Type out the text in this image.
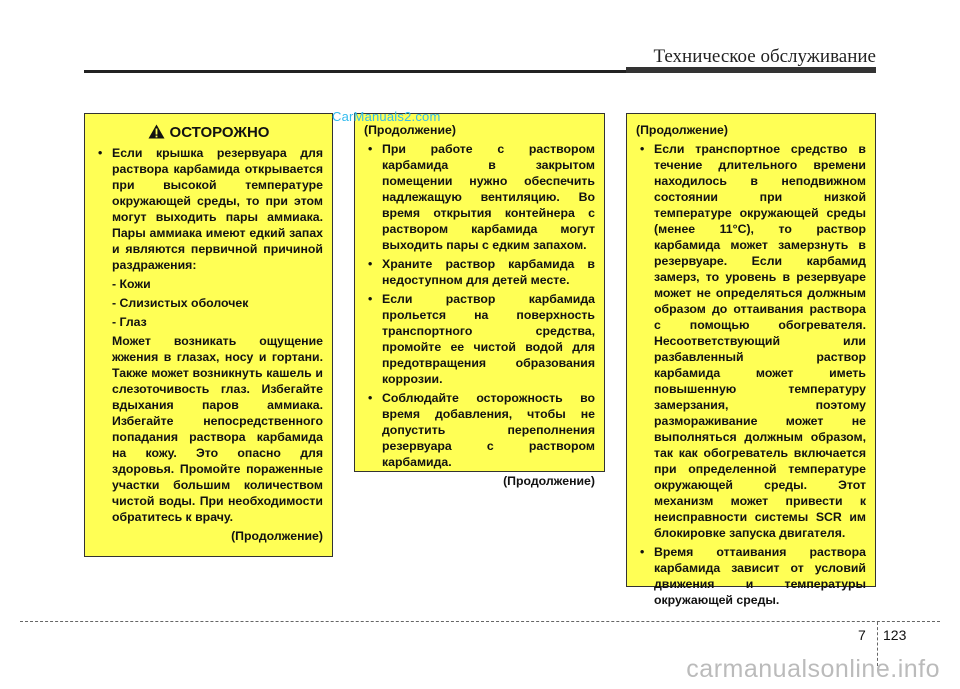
Техническое обслуживание
ОСТОРОЖНО
• Если крышка резервуара для раствора карбамида открывается при высокой температуре окружающей среды, то при этом могут выходить пары аммиака. Пары аммиака имеют едкий запах и являются первичной причиной раздражения:
- Кожи
- Слизистых оболочек
- Глаз
Может возникать ощущение жжения в глазах, носу и гортани. Также может возникнуть кашель и слезоточивость глаз. Избегайте вдыхания паров аммиака. Избегайте непосредственного попадания раствора карбамида на кожу. Это опасно для здоровья. Промойте пораженные участки большим количеством чистой воды. При необходимости обратитесь к врачу.
(Продолжение)
(Продолжение)
• При работе с раствором карбамида в закрытом помещении нужно обеспечить надлежащую вентиляцию. Во время открытия контейнера с раствором карбамида могут выходить пары с едким запахом.
• Храните раствор карбамида в недоступном для детей месте.
• Если раствор карбамида прольется на поверхность транспортного средства, промойте ее чистой водой для предотвращения образования коррозии.
• Соблюдайте осторожность во время добавления, чтобы не допустить переполнения резервуара с раствором карбамида.
(Продолжение)
(Продолжение)
• Если транспортное средство в течение длительного времени находилось в неподвижном состоянии при низкой температуре окружающей среды (менее 11°C), то раствор карбамида может замерзнуть в резервуаре. Если карбамид замерз, то уровень в резервуаре может не определяться должным образом до оттаивания раствора с помощью обогревателя. Несоответствующий или разбавленный раствор карбамида может иметь повышенную температуру замерзания, поэтому размораживание может не выполняться должным образом, так как обогреватель включается при определенной температуре окружающей среды. Этот механизм может привести к неисправности системы SCR им блокировке запуска двигателя.
• Время оттаивания раствора карбамида зависит от условий движения и температуры окружающей среды.
CarManuals2.com
7 123
carmanualsonline.info
